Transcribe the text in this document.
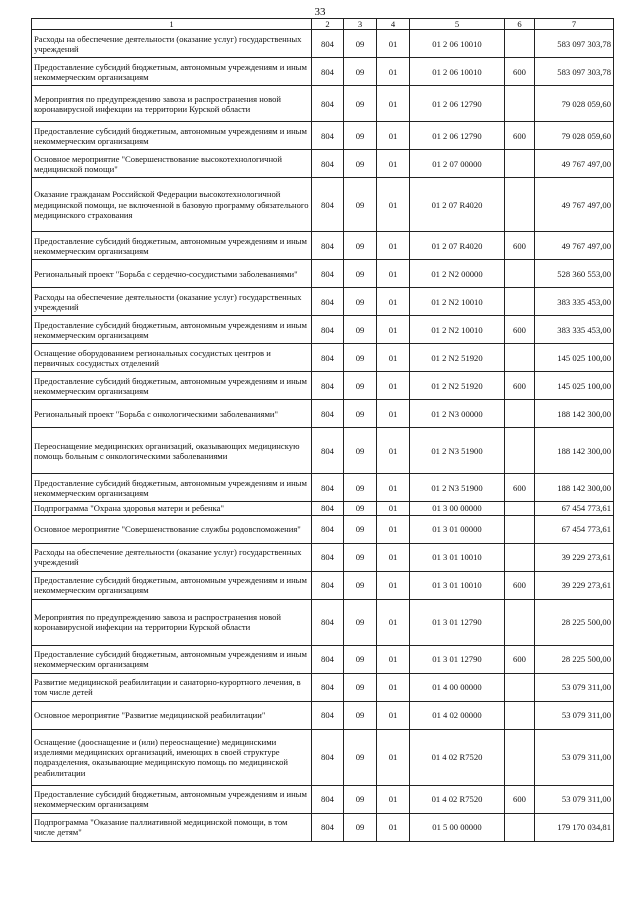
33
1	2	3	4	5	6	7
Расходы на обеспечение деятельности (оказание услуг) государственных учреждений	804	09	01	01 2 06 10010		583 097 303,78
Предоставление субсидий бюджетным, автономным учреждениям и иным некоммерческим организациям	804	09	01	01 2 06 10010	600	583 097 303,78
Мероприятия по предупреждению завоза и распространения новой коронавирусной инфекции на территории Курской области	804	09	01	01 2 06 12790		79 028 059,60
Предоставление субсидий бюджетным, автономным учреждениям и иным некоммерческим организациям	804	09	01	01 2 06 12790	600	79 028 059,60
Основное мероприятие "Совершенствование высокотехнологичной медицинской помощи"	804	09	01	01 2 07 00000		49 767 497,00
Оказание гражданам Российской Федерации высокотехнологичной медицинской помощи, не включенной в базовую программу обязательного медицинского страхования	804	09	01	01 2 07 R4020		49 767 497,00
Предоставление субсидий бюджетным, автономным учреждениям и иным некоммерческим организациям	804	09	01	01 2 07 R4020	600	49 767 497,00
Региональный проект "Борьба с сердечно-сосудистыми заболеваниями"	804	09	01	01 2 N2 00000		528 360 553,00
Расходы на обеспечение деятельности (оказание услуг) государственных учреждений	804	09	01	01 2 N2 10010		383 335 453,00
Предоставление субсидий бюджетным, автономным учреждениям и иным некоммерческим организациям	804	09	01	01 2 N2 10010	600	383 335 453,00
Оснащение оборудованием региональных сосудистых центров и первичных сосудистых отделений	804	09	01	01 2 N2 51920		145 025 100,00
Предоставление субсидий бюджетным, автономным учреждениям и иным некоммерческим организациям	804	09	01	01 2 N2 51920	600	145 025 100,00
Региональный проект "Борьба с онкологическими заболеваниями"	804	09	01	01 2 N3 00000		188 142 300,00
Переоснащение медицинских организаций, оказывающих медицинскую помощь больным с онкологическими заболеваниями	804	09	01	01 2 N3 51900		188 142 300,00
Предоставление субсидий бюджетным, автономным учреждениям и иным некоммерческим организациям	804	09	01	01 2 N3 51900	600	188 142 300,00
Подпрограмма "Охрана здоровья матери и ребенка"	804	09	01	01 3 00 00000		67 454 773,61
Основное мероприятие "Совершенствование службы родовспоможения"	804	09	01	01 3 01 00000		67 454 773,61
Расходы на обеспечение деятельности (оказание услуг) государственных учреждений	804	09	01	01 3 01 10010		39 229 273,61
Предоставление субсидий бюджетным, автономным учреждениям и иным некоммерческим организациям	804	09	01	01 3 01 10010	600	39 229 273,61
Мероприятия по предупреждению завоза и распространения новой коронавирусной инфекции на территории Курской области	804	09	01	01 3 01 12790		28 225 500,00
Предоставление субсидий бюджетным, автономным учреждениям и иным некоммерческим организациям	804	09	01	01 3 01 12790	600	28 225 500,00
Развитие медицинской реабилитации и санаторно-курортного лечения, в том числе детей	804	09	01	01 4 00 00000		53 079 311,00
Основное мероприятие "Развитие медицинской реабилитации"	804	09	01	01 4 02 00000		53 079 311,00
Оснащение (дооснащение и (или) переоснащение) медицинскими изделиями медицинских организаций, имеющих в своей структуре подразделения, оказывающие медицинскую помощь по медицинской реабилитации	804	09	01	01 4 02 R7520		53 079 311,00
Предоставление субсидий бюджетным, автономным учреждениям и иным некоммерческим организациям	804	09	01	01 4 02 R7520	600	53 079 311,00
Подпрограмма "Оказание паллиативной медицинской помощи, в том числе детям"	804	09	01	01 5 00 00000		179 170 034,81
